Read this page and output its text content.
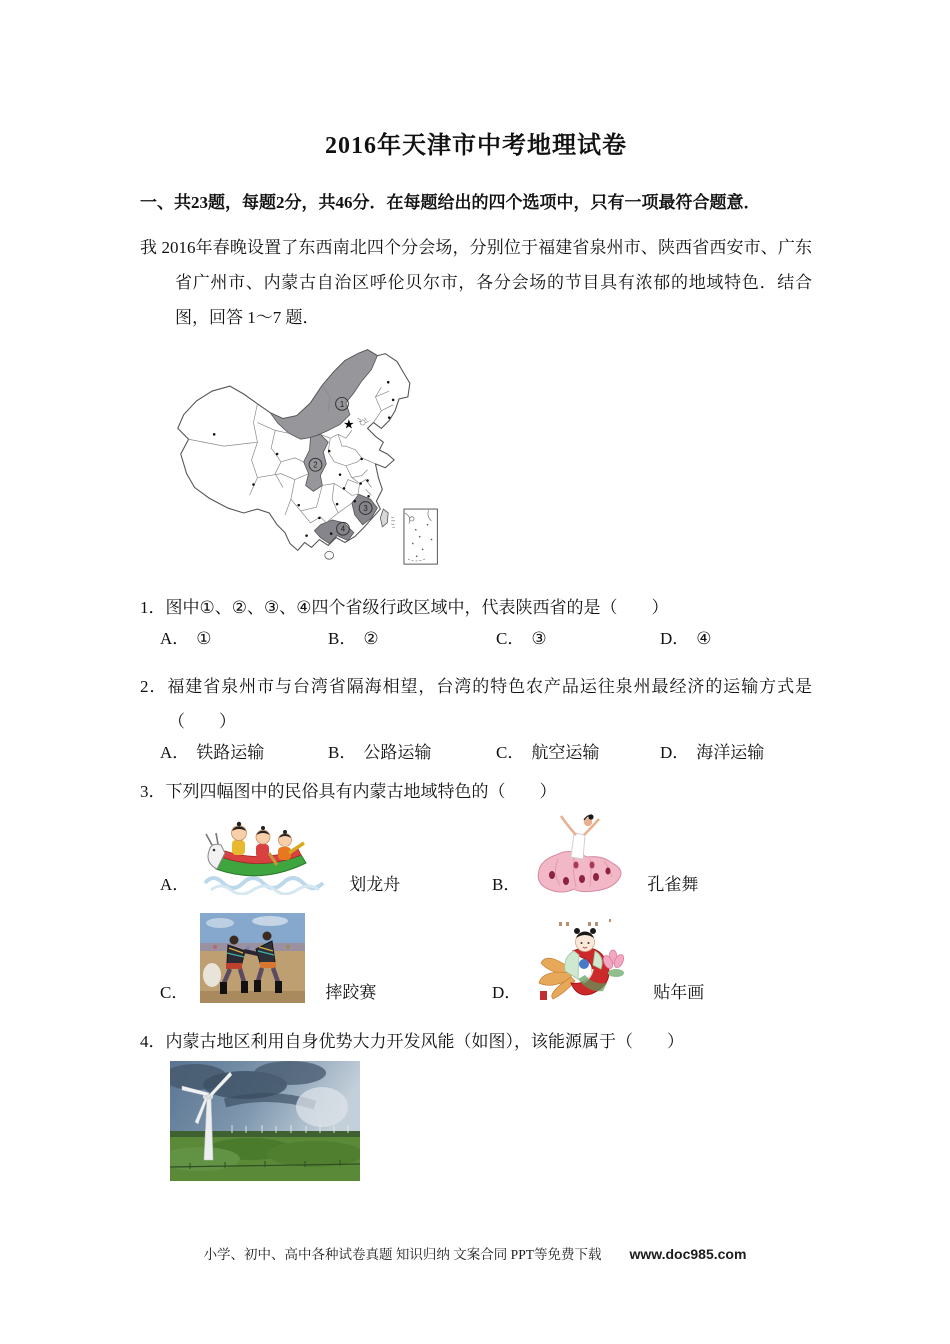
2016年天津市中考地理试卷
一、共23题，每题2分，共46分．在每题给出的四个选项中，只有一项最符合题意．
我 2016年春晚设置了东西南北四个分会场，分别位于福建省泉州市、陕西省西安市、广东省广州市、内蒙古自治区呼伦贝尔市，各分会场的节目具有浓郁的地域特色．结合图，回答 1～7 题．
1
2
3
4
★
1．图中①、②、③、④四个省级行政区域中，代表陕西省的是（　　）
A． ①	B． ②	C． ③	D． ④
2．福建省泉州市与台湾省隔海相望，台湾的特色农产品运往泉州最经济的运输方式是（　　）
A． 铁路运输	B． 公路运输	C． 航空运输	D． 海洋运输
3．下列四幅图中的民俗具有内蒙古地域特色的（　　）
A．	划龙舟	B．	孔雀舞
C．	摔跤赛	D．	贴年画
4．内蒙古地区利用自身优势大力开发风能（如图），该能源属于（　　）
小学、初中、高中各种试卷真题 知识归纳 文案合同 PPT等免费下载 www.doc985.com
